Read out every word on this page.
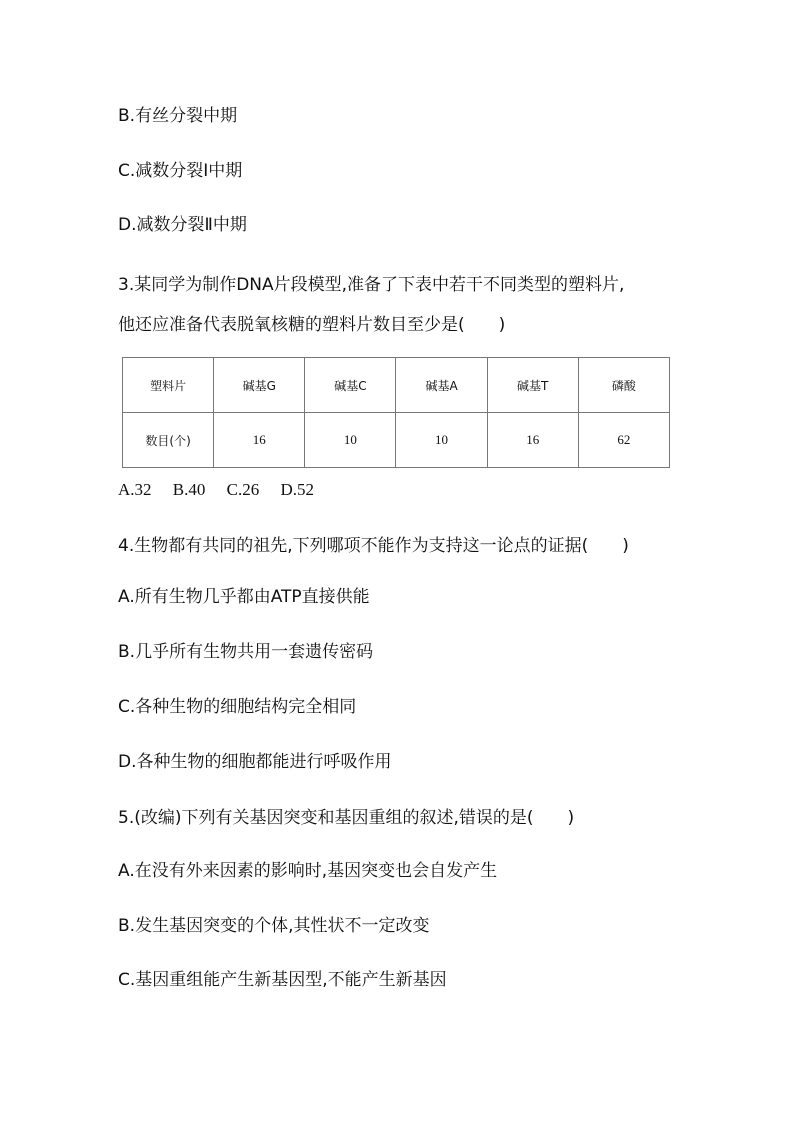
B.有丝分裂中期
C.减数分裂Ⅰ中期
D.减数分裂Ⅱ中期
3.某同学为制作DNA片段模型,准备了下表中若干不同类型的塑料片,
他还应准备代表脱氧核糖的塑料片数目至少是(　　)
塑料片	碱基G	碱基C	碱基A	碱基T	磷酸
数目(个)	16	10	10	16	62
A.32　 B.40　 C.26　 D.52
4.生物都有共同的祖先,下列哪项不能作为支持这一论点的证据(　　)
A.所有生物几乎都由ATP直接供能
B.几乎所有生物共用一套遗传密码
C.各种生物的细胞结构完全相同
D.各种生物的细胞都能进行呼吸作用
5.(改编)下列有关基因突变和基因重组的叙述,错误的是(　　)
A.在没有外来因素的影响时,基因突变也会自发产生
B.发生基因突变的个体,其性状不一定改变
C.基因重组能产生新基因型,不能产生新基因
